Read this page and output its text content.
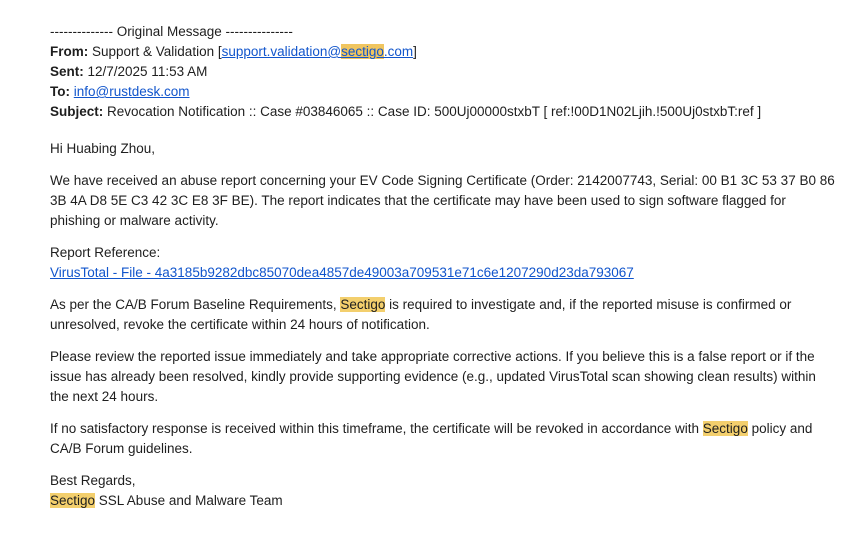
-------------- Original Message ---------------
From: Support & Validation [support.validation@sectigo.com]
Sent: 12/7/2025 11:53 AM
To: info@rustdesk.com
Subject: Revocation Notification :: Case #03846065 :: Case ID: 500Uj00000stxbT [ ref:!00D1N02Ljih.!500Uj0stxbT:ref ]

Hi Huabing Zhou,

We have received an abuse report concerning your EV Code Signing Certificate (Order: 2142007743, Serial: 00 B1 3C 53 37 B0 86 3B 4A D8 5E C3 42 3C E8 3F BE). The report indicates that the certificate may have been used to sign software flagged for phishing or malware activity.

Report Reference:
VirusTotal - File - 4a3185b9282dbc85070dea4857de49003a709531e71c6e1207290d23da793067

As per the CA/B Forum Baseline Requirements, Sectigo is required to investigate and, if the reported misuse is confirmed or unresolved, revoke the certificate within 24 hours of notification.

Please review the reported issue immediately and take appropriate corrective actions. If you believe this is a false report or if the issue has already been resolved, kindly provide supporting evidence (e.g., updated VirusTotal scan showing clean results) within the next 24 hours.

If no satisfactory response is received within this timeframe, the certificate will be revoked in accordance with Sectigo policy and CA/B Forum guidelines.

Best Regards,
Sectigo SSL Abuse and Malware Team
